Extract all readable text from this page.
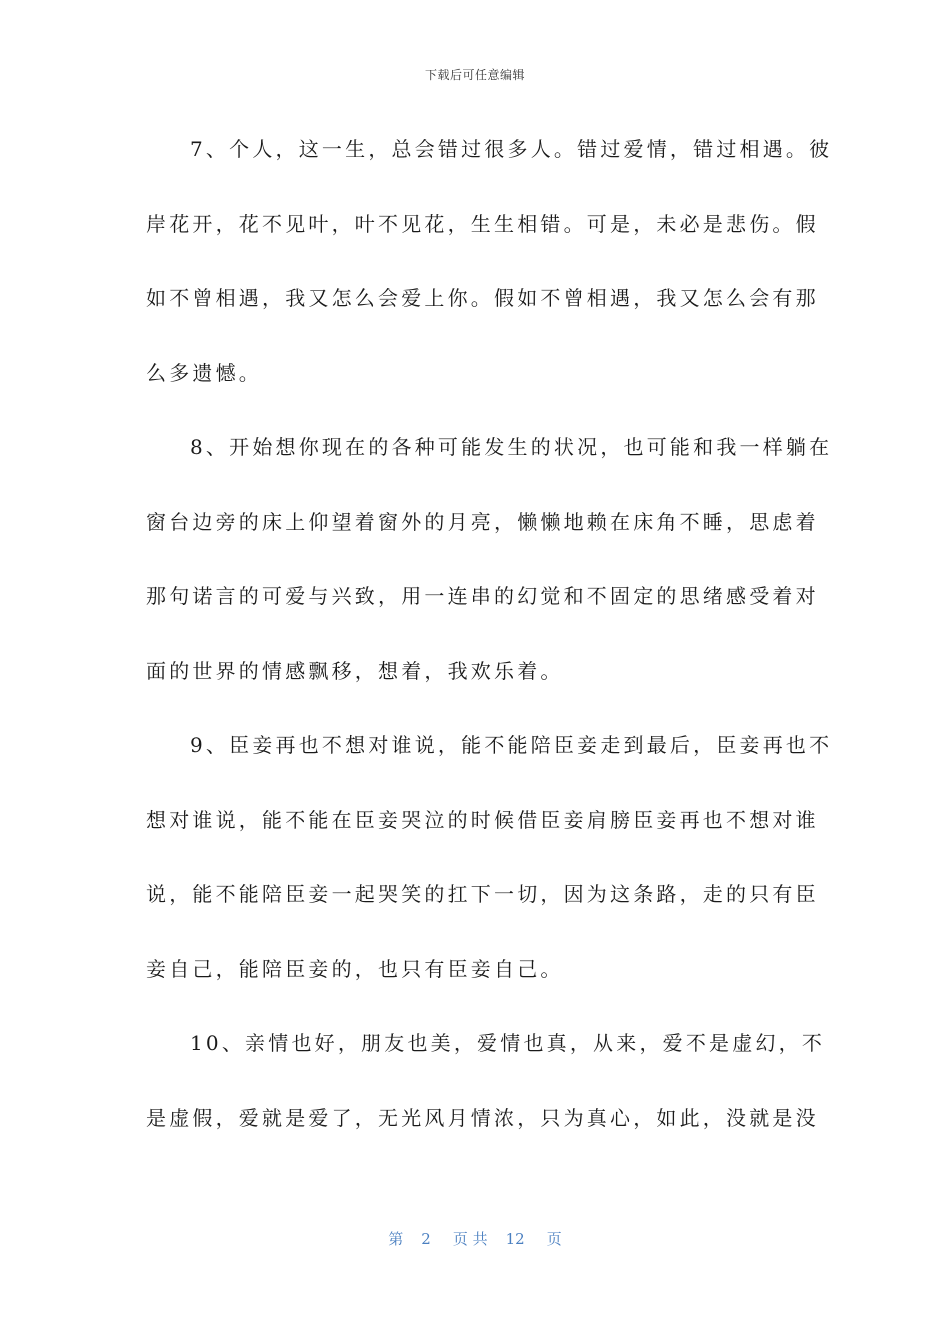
下载后可任意编辑
7、个人，这一生，总会错过很多人。错过爱情，错过相遇。彼
岸花开，花不见叶，叶不见花，生生相错。可是，未必是悲伤。假
如不曾相遇，我又怎么会爱上你。假如不曾相遇，我又怎么会有那
么多遗憾。
8、开始想你现在的各种可能发生的状况，也可能和我一样躺在
窗台边旁的床上仰望着窗外的月亮，懒懒地赖在床角不睡，思虑着
那句诺言的可爱与兴致，用一连串的幻觉和不固定的思绪感受着对
面的世界的情感飘移，想着，我欢乐着。
9、臣妾再也不想对谁说，能不能陪臣妾走到最后，臣妾再也不
想对谁说，能不能在臣妾哭泣的时候借臣妾肩膀臣妾再也不想对谁
说，能不能陪臣妾一起哭笑的扛下一切，因为这条路，走的只有臣
妾自己，能陪臣妾的，也只有臣妾自己。
10、亲情也好，朋友也美，爱情也真，从来，爱不是虚幻，不
是虚假，爱就是爱了，无光风月情浓，只为真心，如此，没就是没
第 2 页 共 12 页
